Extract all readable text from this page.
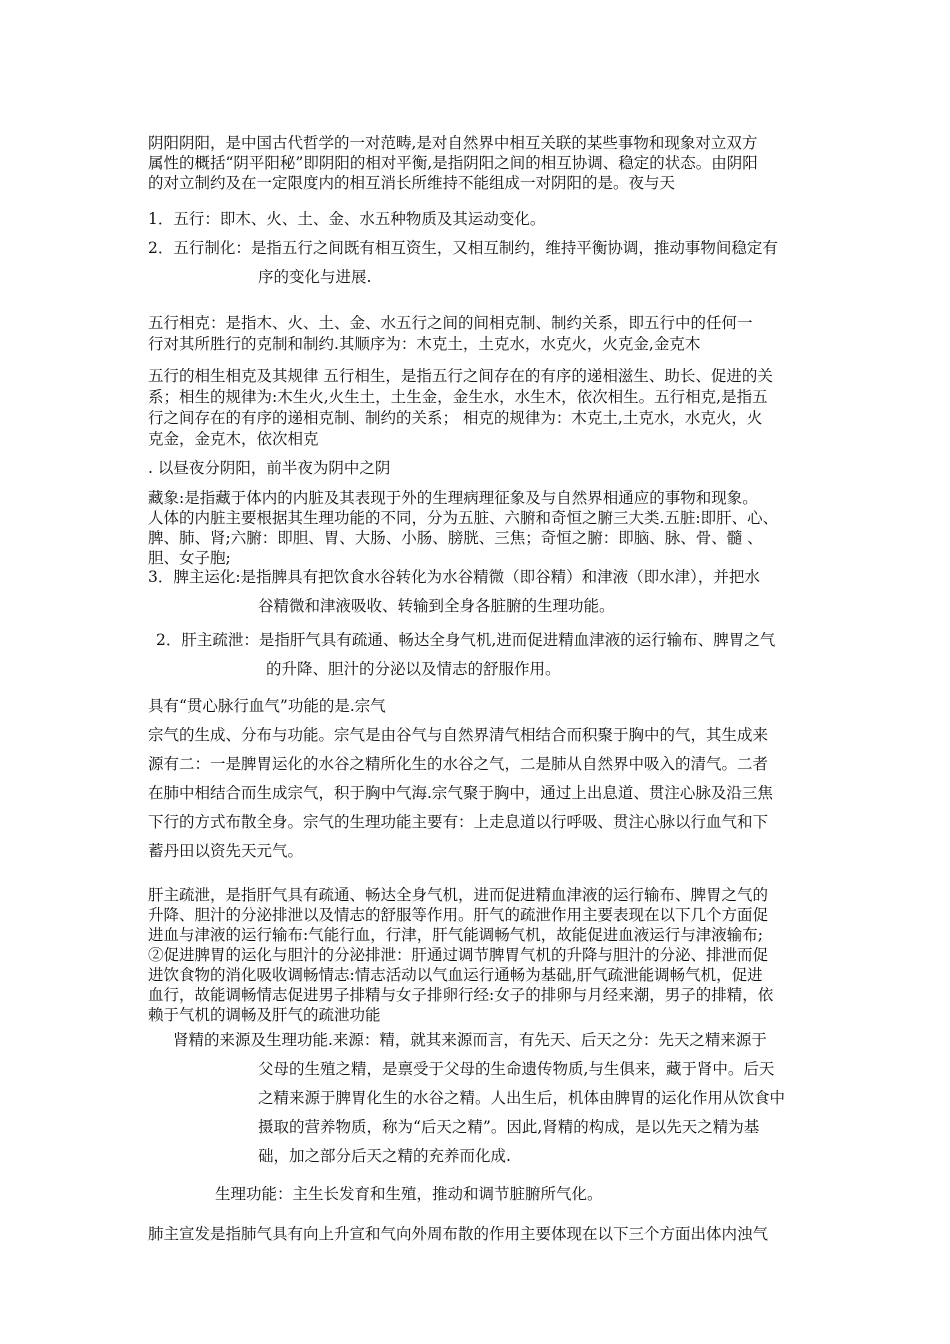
阴阳阴阳，是中国古代哲学的一对范畴,是对自然界中相互关联的某些事物和现象对立双方
属性的概括“阴平阳秘”即阴阳的相对平衡,是指阴阳之间的相互协调、稳定的状态。由阴阳
的对立制约及在一定限度内的相互消长所维持不能组成一对阴阳的是。夜与天
1．五行：即木、火、土、金、水五种物质及其运动变化。
2．五行制化：是指五行之间既有相互资生，又相互制约，维持平衡协调，推动事物间稳定有
序的变化与进展.
五行相克：是指木、火、土、金、水五行之间的间相克制、制约关系，即五行中的任何一
行对其所胜行的克制和制约.其顺序为：木克土，土克水，水克火，火克金,金克木
五行的相生相克及其规律 五行相生，是指五行之间存在的有序的递相滋生、助长、促进的关
系；相生的规律为:木生火,火生土，土生金，金生水，水生木，依次相生。五行相克,是指五
行之间存在的有序的递相克制、制约的关系； 相克的规律为：木克土,土克水，水克火，火
克金，金克木，依次相克
. 以昼夜分阴阳，前半夜为阴中之阴
藏象:是指藏于体内的内脏及其表现于外的生理病理征象及与自然界相通应的事物和现象。
人体的内脏主要根据其生理功能的不同，分为五脏、六腑和奇恒之腑三大类.五脏:即肝、心、
脾、肺、肾;六腑：即胆、胃、大肠、小肠、膀胱、三焦；奇恒之腑：即脑、脉、骨、髓 、
胆、女子胞;
3．脾主运化:是指脾具有把饮食水谷转化为水谷精微（即谷精）和津液（即水津），并把水
谷精微和津液吸收、转输到全身各脏腑的生理功能。
2．肝主疏泄：是指肝气具有疏通、畅达全身气机,进而促进精血津液的运行输布、脾胃之气
的升降、胆汁的分泌以及情志的舒服作用。
具有“贯心脉行血气”功能的是.宗气
宗气的生成、分布与功能。宗气是由谷气与自然界清气相结合而积聚于胸中的气，其生成来
源有二：一是脾胃运化的水谷之精所化生的水谷之气，二是肺从自然界中吸入的清气。二者
在肺中相结合而生成宗气，积于胸中气海.宗气聚于胸中，通过上出息道、贯注心脉及沿三焦
下行的方式布散全身。宗气的生理功能主要有：上走息道以行呼吸、贯注心脉以行血气和下
蓄丹田以资先天元气。
肝主疏泄，是指肝气具有疏通、畅达全身气机，进而促进精血津液的运行输布、脾胃之气的
升降、胆汁的分泌排泄以及情志的舒服等作用。肝气的疏泄作用主要表现在以下几个方面促
进血与津液的运行输布:气能行血，行津，肝气能调畅气机，故能促进血液运行与津液输布;
②促进脾胃的运化与胆汁的分泌排泄：肝通过调节脾胃气机的升降与胆汁的分泌、排泄而促
进饮食物的消化吸收调畅情志:情志活动以气血运行通畅为基础,肝气疏泄能调畅气机，促进
血行，故能调畅情志促进男子排精与女子排卵行经:女子的排卵与月经来潮，男子的排精，依
赖于气机的调畅及肝气的疏泄功能
肾精的来源及生理功能.来源：精，就其来源而言，有先天、后天之分：先天之精来源于
父母的生殖之精，是禀受于父母的生命遗传物质,与生俱来，藏于肾中。后天
之精来源于脾胃化生的水谷之精。人出生后，机体由脾胃的运化作用从饮食中
摄取的营养物质，称为“后天之精”。因此,肾精的构成，是以先天之精为基
础，加之部分后天之精的充养而化成.
生理功能：主生长发育和生殖，推动和调节脏腑所气化。
肺主宣发是指肺气具有向上升宣和气向外周布散的作用主要体现在以下三个方面出体内浊气
